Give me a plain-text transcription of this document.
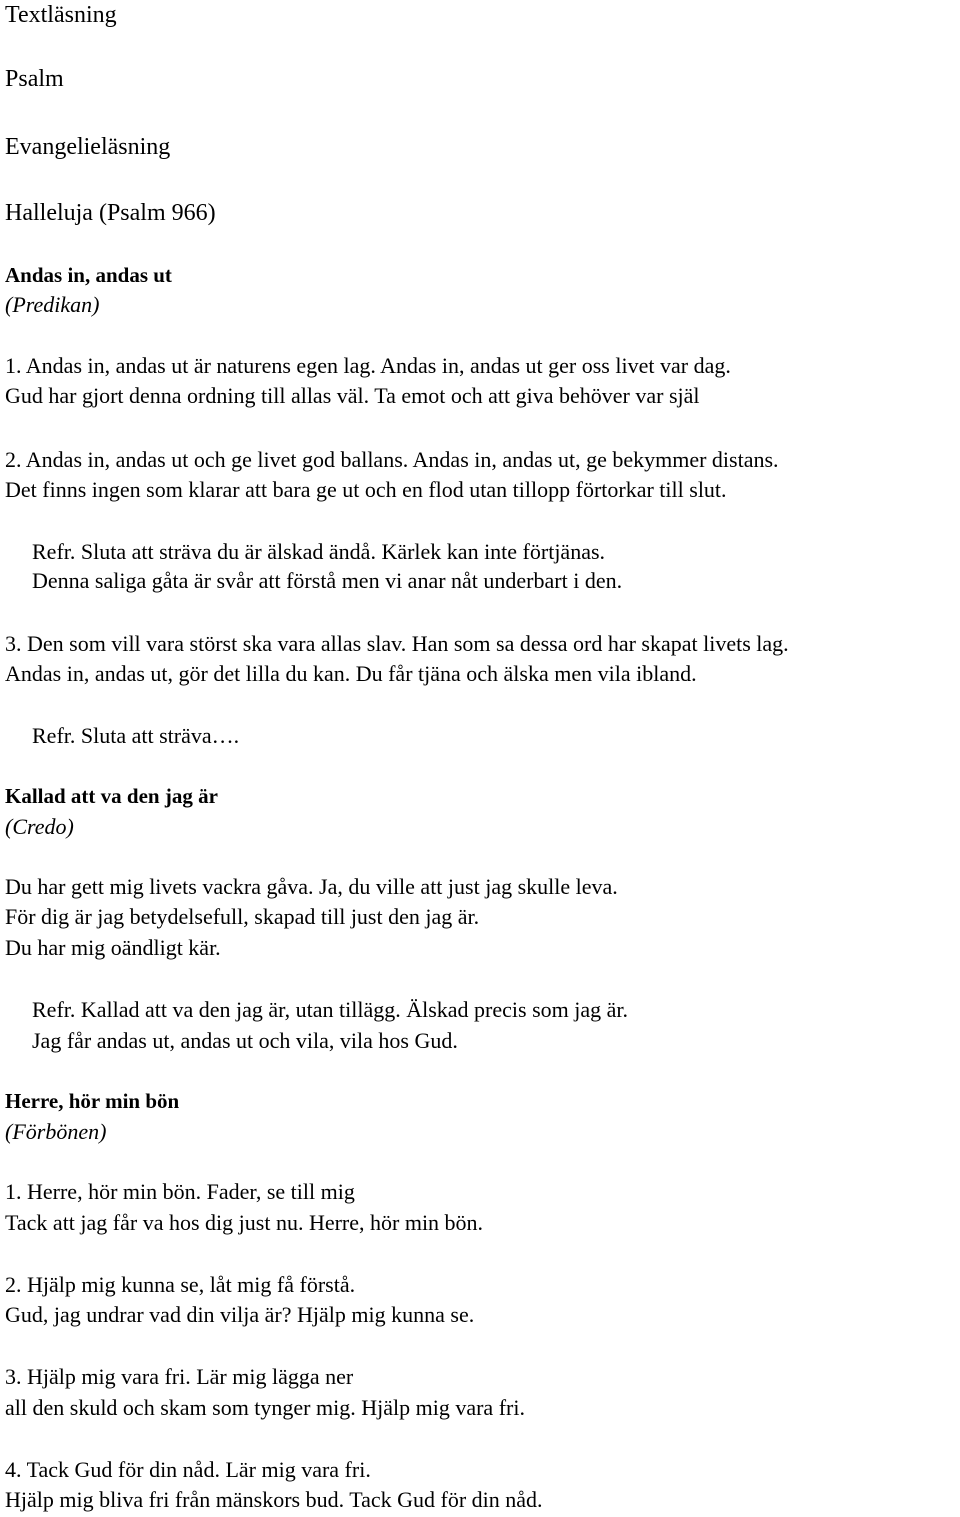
Textläsning

Psalm

Evangelieläsning

Halleluja (Psalm 966)

Andas in, andas ut

(Predikan)

1. Andas in, andas ut är naturens egen lag. Andas in, andas ut ger oss livet var dag.

Gud har gjort denna ordning till allas väl. Ta emot och att giva behöver var själ

2. Andas in, andas ut och ge livet god ballans. Andas in, andas ut, ge bekymmer distans.

Det finns ingen som klarar att bara ge ut och en flod utan tillopp förtorkar till slut.

Refr. Sluta att sträva du är älskad ändå. Kärlek kan inte förtjänas.

Denna saliga gåta är svår att förstå men vi anar nåt underbart i den.

3. Den som vill vara störst ska vara allas slav. Han som sa dessa ord har skapat livets lag.

Andas in, andas ut, gör det lilla du kan. Du får tjäna och älska men vila ibland.

Refr. Sluta att sträva….

Kallad att va den jag är

(Credo)

Du har gett mig livets vackra gåva. Ja, du ville att just jag skulle leva.

För dig är jag betydelsefull, skapad till just den jag är.

Du har mig oändligt kär.

Refr. Kallad att va den jag är, utan tillägg. Älskad precis som jag är.

Jag får andas ut, andas ut och vila, vila hos Gud.

Herre, hör min bön

(Förbönen)

1. Herre, hör min bön. Fader, se till mig

Tack att jag får va hos dig just nu. Herre, hör min bön.

2. Hjälp mig kunna se, låt mig få förstå.

Gud, jag undrar vad din vilja är? Hjälp mig kunna se.

3. Hjälp mig vara fri. Lär mig lägga ner

all den skuld och skam som tynger mig. Hjälp mig vara fri.

4. Tack Gud för din nåd. Lär mig vara fri.

Hjälp mig bliva fri från mänskors bud. Tack Gud för din nåd.
